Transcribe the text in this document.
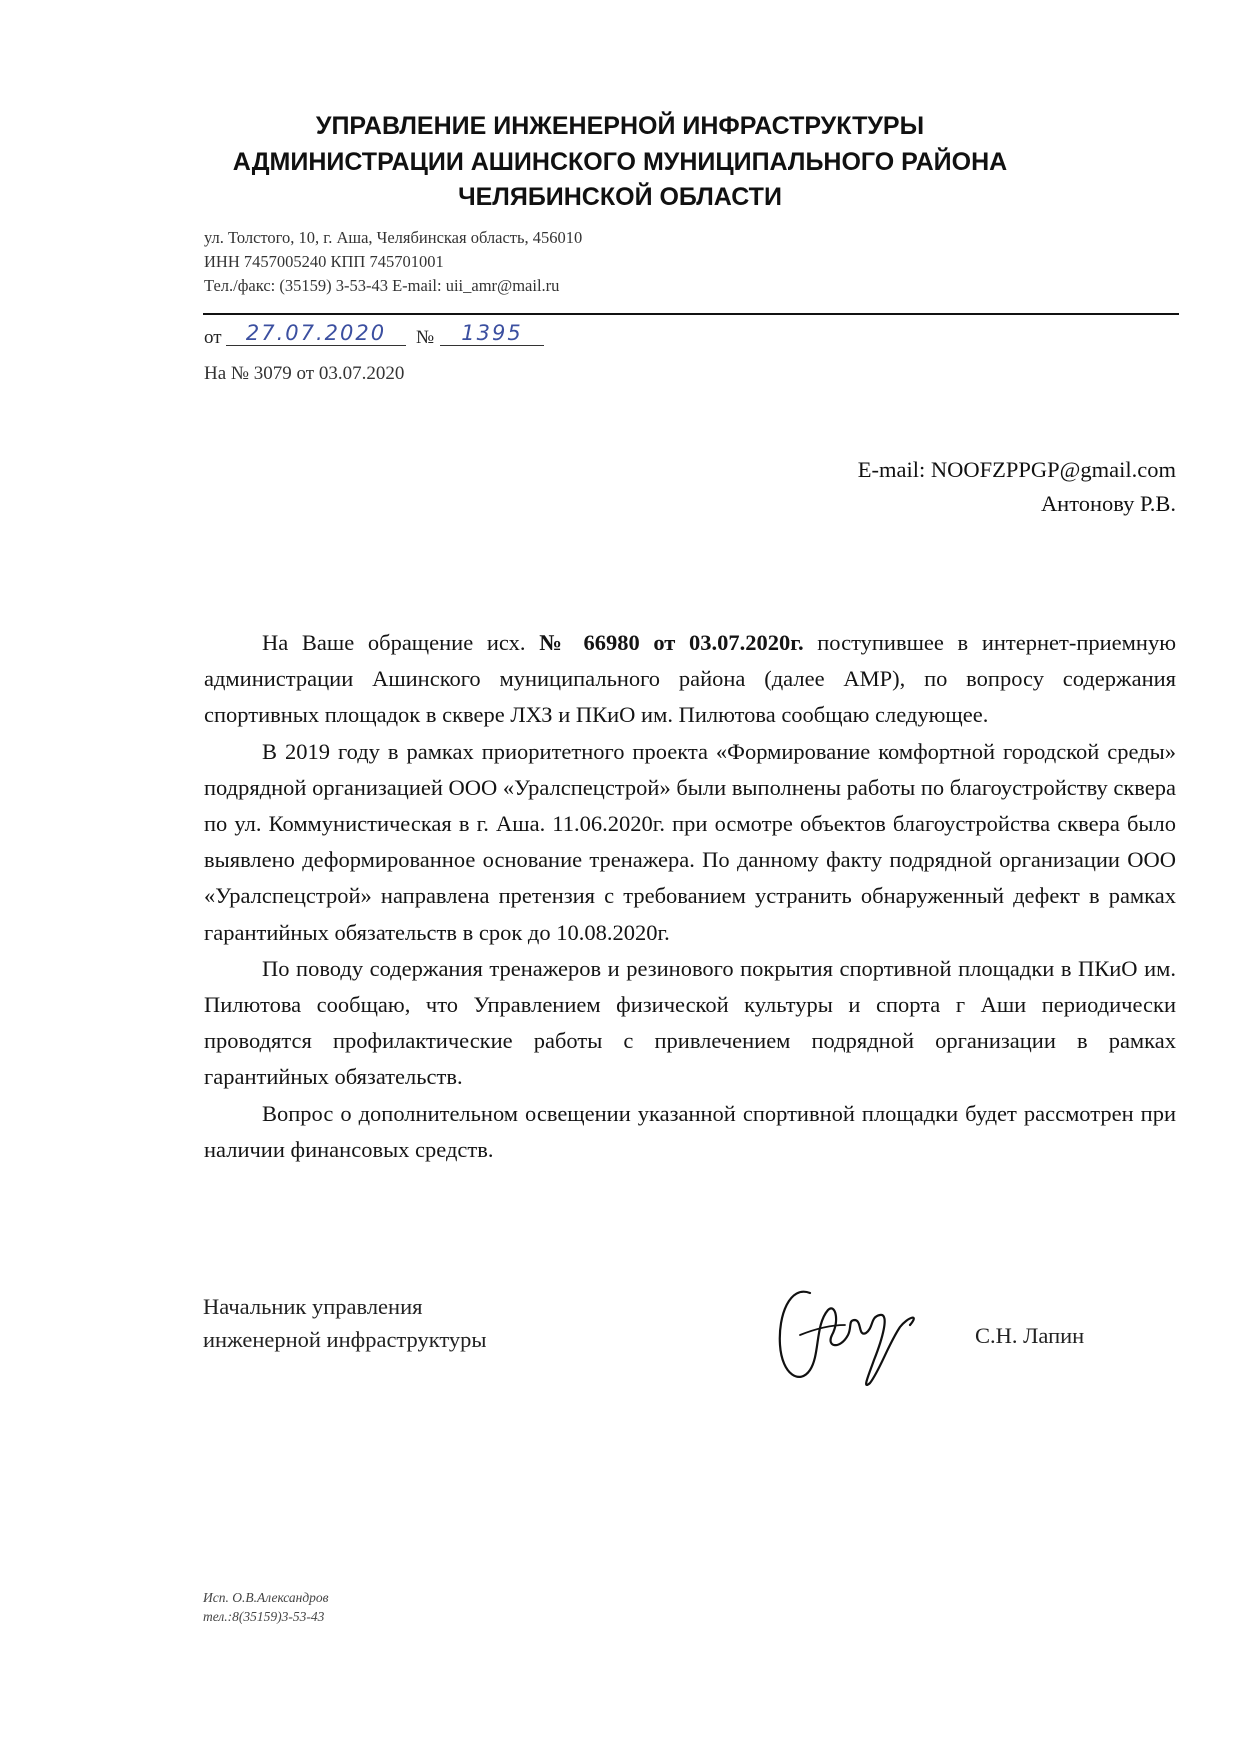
УПРАВЛЕНИЕ ИНЖЕНЕРНОЙ ИНФРАСТРУКТУРЫ
АДМИНИСТРАЦИИ АШИНСКОГО МУНИЦИПАЛЬНОГО РАЙОНА
ЧЕЛЯБИНСКОЙ ОБЛАСТИ
ул. Толстого, 10, г. Аша, Челябинская область, 456010
ИНН 7457005240 КПП 745701001
Тел./факс: (35159) 3-53-43 E-mail: uii_amr@mail.ru
от	27.07.2020	№	1395
На № 3079 от 03.07.2020
E-mail: NOOFZPPGP@gmail.com
Антонову Р.В.

На Ваше обращение исх. № 66980 от 03.07.2020г. поступившее в интернет-приемную администрации Ашинского муниципального района (далее АМР), по вопросу содержания спортивных площадок в сквере ЛХЗ и ПКиО им. Пилютова сообщаю следующее.

В 2019 году в рамках приоритетного проекта «Формирование комфортной городской среды» подрядной организацией ООО «Уралспецстрой» были выполнены работы по благоустройству сквера по ул. Коммунистическая в г. Аша. 11.06.2020г. при осмотре объектов благоустройства сквера было выявлено деформированное основание тренажера. По данному факту подрядной организации ООО «Уралспецстрой» направлена претензия с требованием устранить обнаруженный дефект в рамках гарантийных обязательств в срок до 10.08.2020г.

По поводу содержания тренажеров и резинового покрытия спортивной площадки в ПКиО им. Пилютова сообщаю, что Управлением физической культуры и спорта г Аши периодически проводятся профилактические работы с привлечением подрядной организации в рамках гарантийных обязательств.

Вопрос о дополнительном освещении указанной спортивной площадки будет рассмотрен при наличии финансовых средств.

Начальник управления
инженерной инфраструктуры	С.Н. Лапин
Исп. О.В.Александров
тел.:8(35159)3-53-43
